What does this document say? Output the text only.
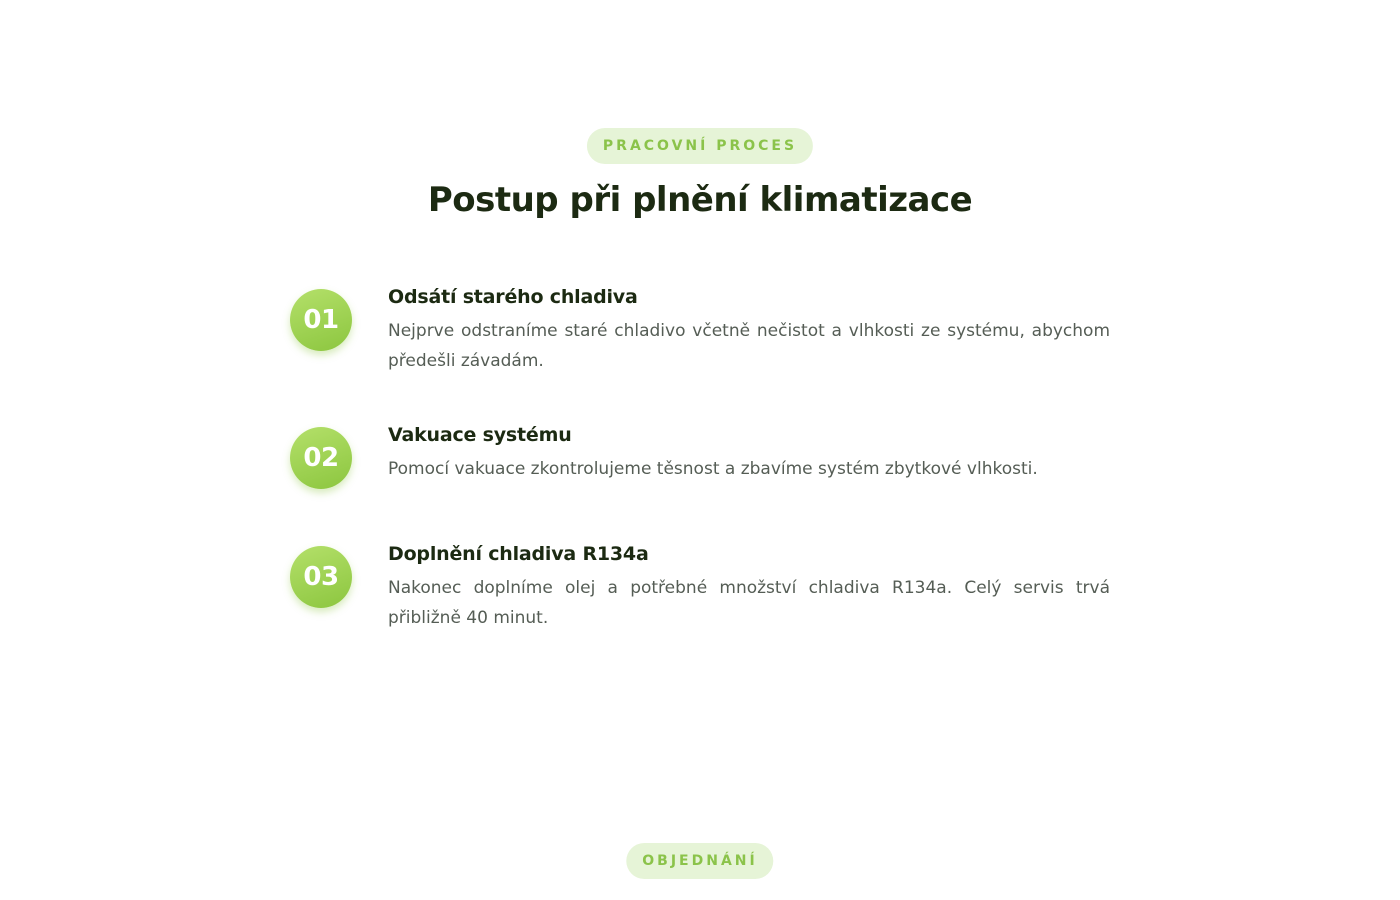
PRACOVNÍ PROCES
Postup při plnění klimatizace
01
Odsátí starého chladiva

Nejprve odstraníme staré chladivo včetně nečistot a vlhkosti ze systému, abychom předešli závadám.

02
Vakuace systému

Pomocí vakuace zkontrolujeme těsnost a zbavíme systém zbytkové vlhkosti.

03
Doplnění chladiva R134a

Nakonec doplníme olej a potřebné množství chladiva R134a. Celý servis trvá přibližně 40 minut.

OBJEDNÁNÍ
